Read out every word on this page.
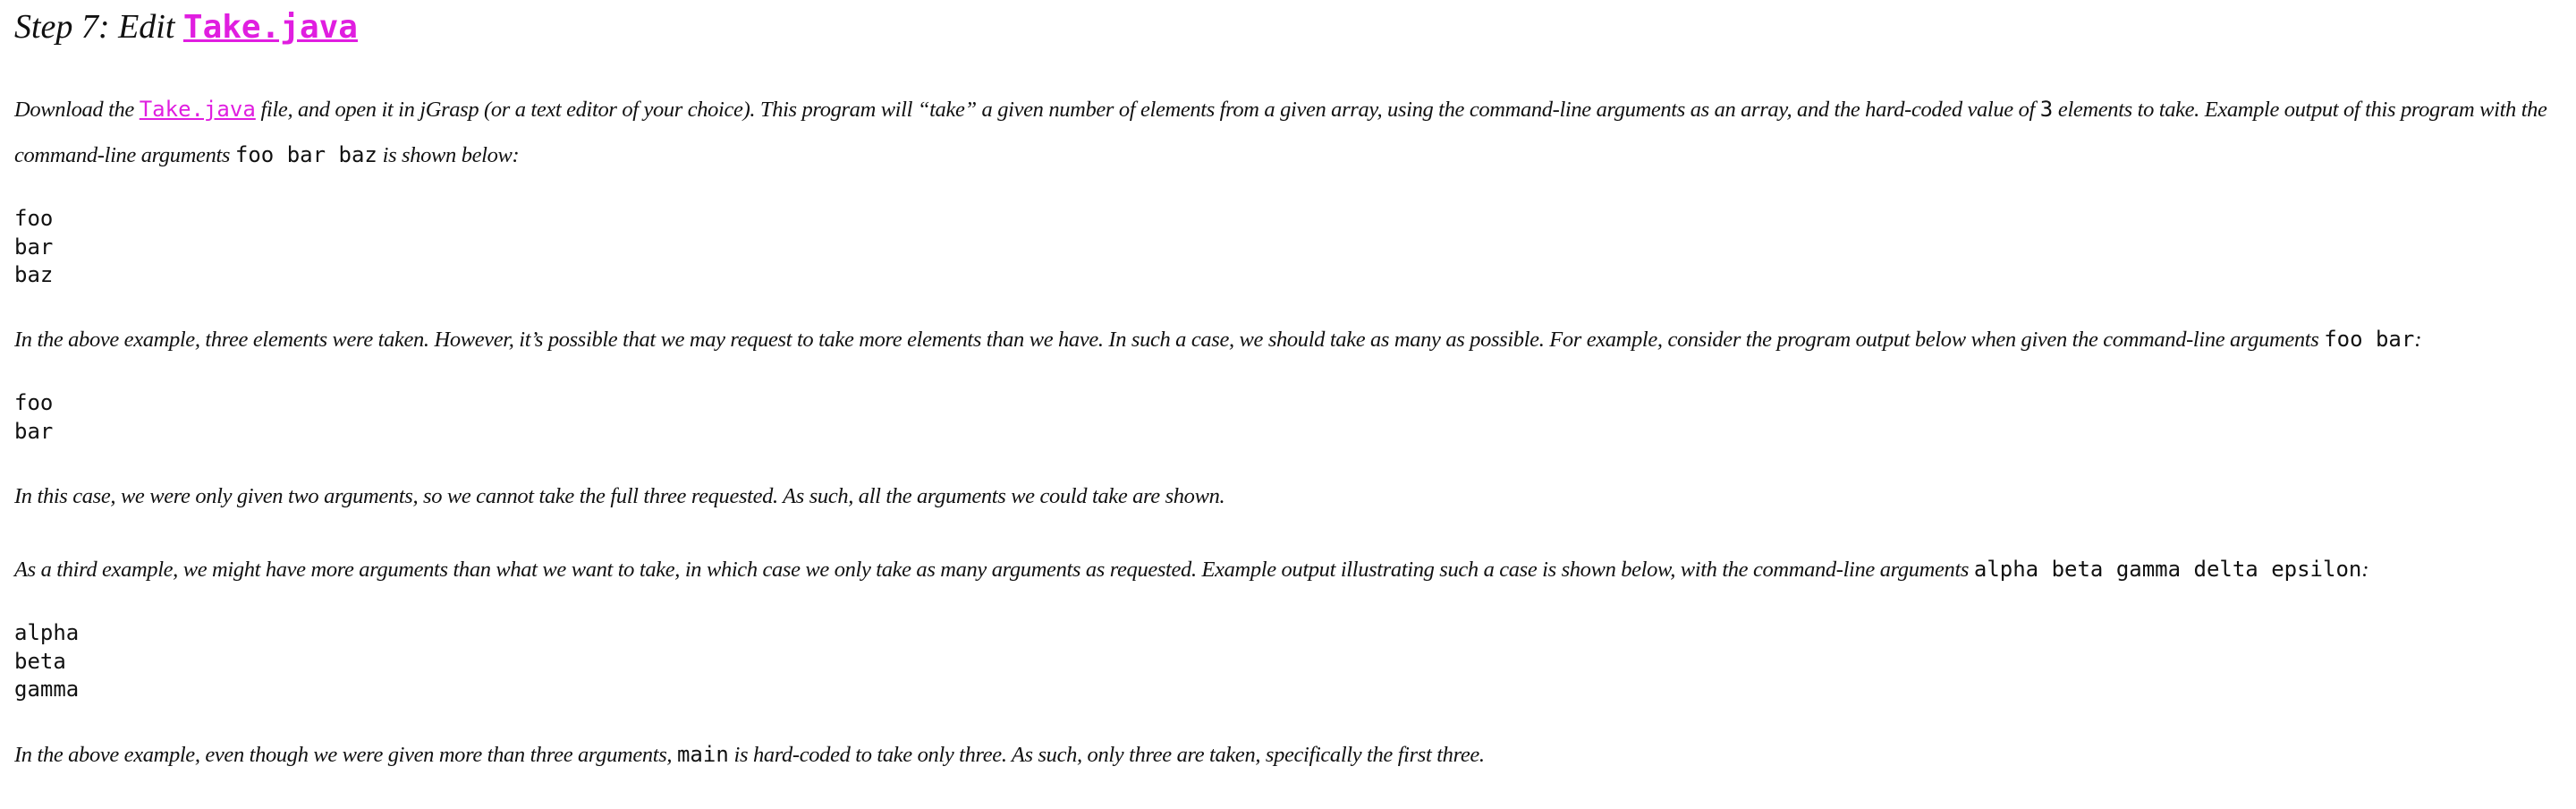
Step 7: Edit Take.java

Download the Take.java file, and open it in jGrasp (or a text editor of your choice). This program will “take” a given number of elements from a given array, using the command-line arguments as an array, and the hard-coded value of 3 elements to take. Example output of this program with the command-line arguments foo bar baz is shown below:

foo
bar
baz

In the above example, three elements were taken. However, it’s possible that we may request to take more elements than we have. In such a case, we should take as many as possible. For example, consider the program output below when given the command-line arguments foo bar:

foo
bar

In this case, we were only given two arguments, so we cannot take the full three requested. As such, all the arguments we could take are shown.

As a third example, we might have more arguments than what we want to take, in which case we only take as many arguments as requested. Example output illustrating such a case is shown below, with the command-line arguments alpha beta gamma delta epsilon:

alpha
beta
gamma

In the above example, even though we were given more than three arguments, main is hard-coded to take only three. As such, only three are taken, specifically the first three.
